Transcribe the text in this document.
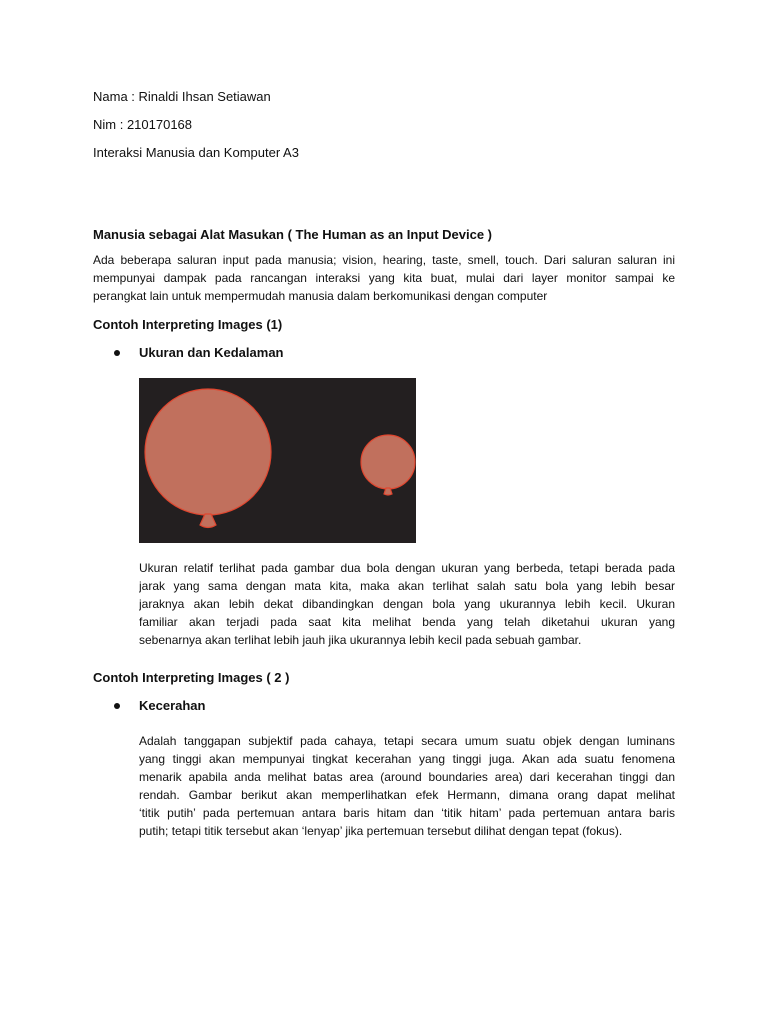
Nama : Rinaldi Ihsan Setiawan
Nim : 210170168
Interaksi Manusia dan Komputer A3
Manusia sebagai Alat Masukan ( The Human as an Input Device )
Ada beberapa saluran input pada manusia; vision, hearing, taste, smell, touch. Dari saluran saluran ini
mempunyai dampak pada rancangan interaksi yang kita buat, mulai dari layer monitor sampai ke
perangkat lain untuk mempermudah manusia dalam berkomunikasi dengan computer
Contoh Interpreting Images (1)
Ukuran dan Kedalaman
Ukuran relatif terlihat pada gambar dua bola dengan ukuran yang berbeda, tetapi berada pada
jarak yang sama dengan mata kita, maka akan terlihat salah satu bola yang lebih besar
jaraknya akan lebih dekat dibandingkan dengan bola yang ukurannya lebih kecil. Ukuran
familiar akan terjadi pada saat kita melihat benda yang telah diketahui ukuran yang
sebenarnya akan terlihat lebih jauh jika ukurannya lebih kecil pada sebuah gambar.
Contoh Interpreting Images ( 2 )
Kecerahan
Adalah tanggapan subjektif pada cahaya, tetapi secara umum suatu objek dengan luminans
yang tinggi akan mempunyai tingkat kecerahan yang tinggi juga. Akan ada suatu fenomena
menarik apabila anda melihat batas area (around boundaries area) dari kecerahan tinggi dan
rendah. Gambar berikut akan memperlihatkan efek Hermann, dimana orang dapat melihat
‘titik putih’ pada pertemuan antara baris hitam dan ‘titik hitam’ pada pertemuan antara baris
putih; tetapi titik tersebut akan ‘lenyap’ jika pertemuan tersebut dilihat dengan tepat (fokus).
